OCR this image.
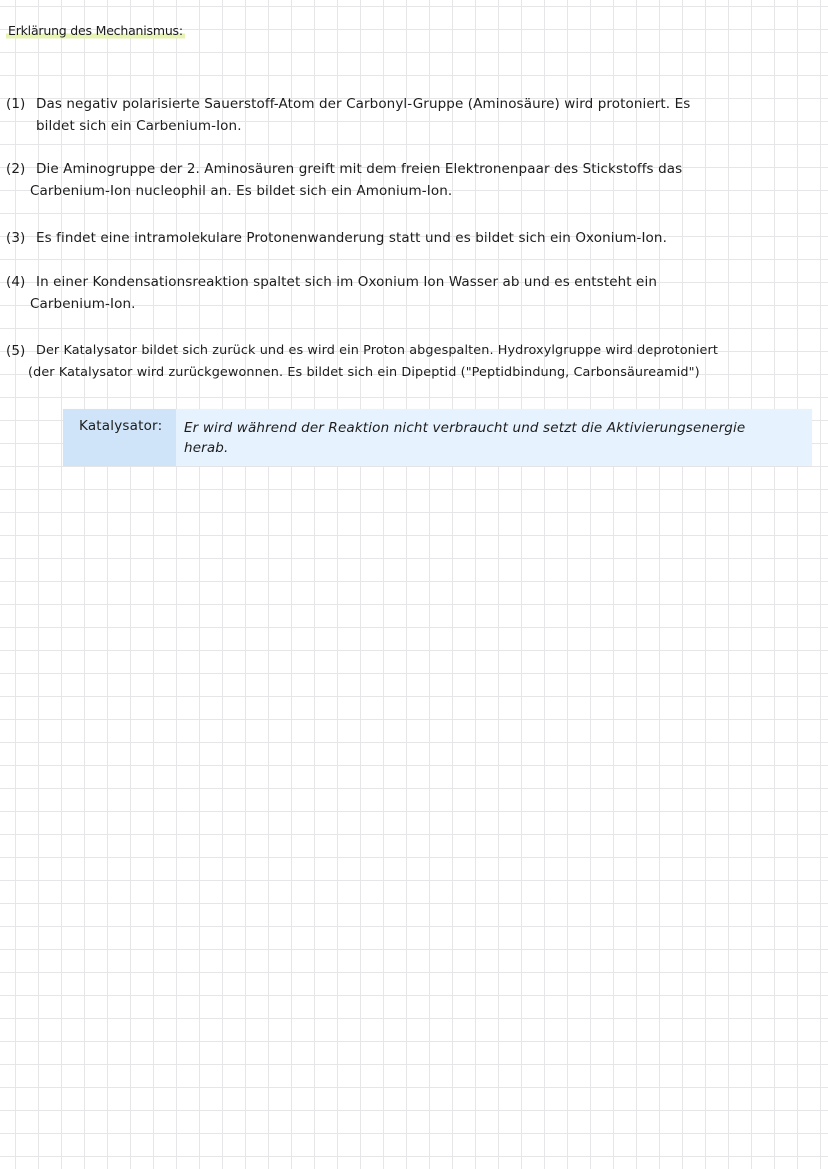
Erklärung des Mechanismus:
(1) Das negativ polarisierte Sauerstoff-Atom der Carbonyl-Gruppe (Aminosäure) wird protoniert. Es
bildet sich ein Carbenium-Ion.
(2) Die Aminogruppe der 2. Aminosäuren greift mit dem freien Elektronenpaar des Stickstoffs das
Carbenium-Ion nucleophil an. Es bildet sich ein Amonium-Ion.
(3) Es findet eine intramolekulare Protonenwanderung statt und es bildet sich ein Oxonium-Ion.
(4) In einer Kondensationsreaktion spaltet sich im Oxonium Ion Wasser ab und es entsteht ein
Carbenium-Ion.
(5) Der Katalysator bildet sich zurück und es wird ein Proton abgespalten. Hydroxylgruppe wird deprotoniert
(der Katalysator wird zurückgewonnen. Es bildet sich ein Dipeptid ("Peptidbindung, Carbonsäureamid")
Katalysator:	Er wird während der Reaktion nicht verbraucht und setzt die Aktivierungsenergie
herab.
